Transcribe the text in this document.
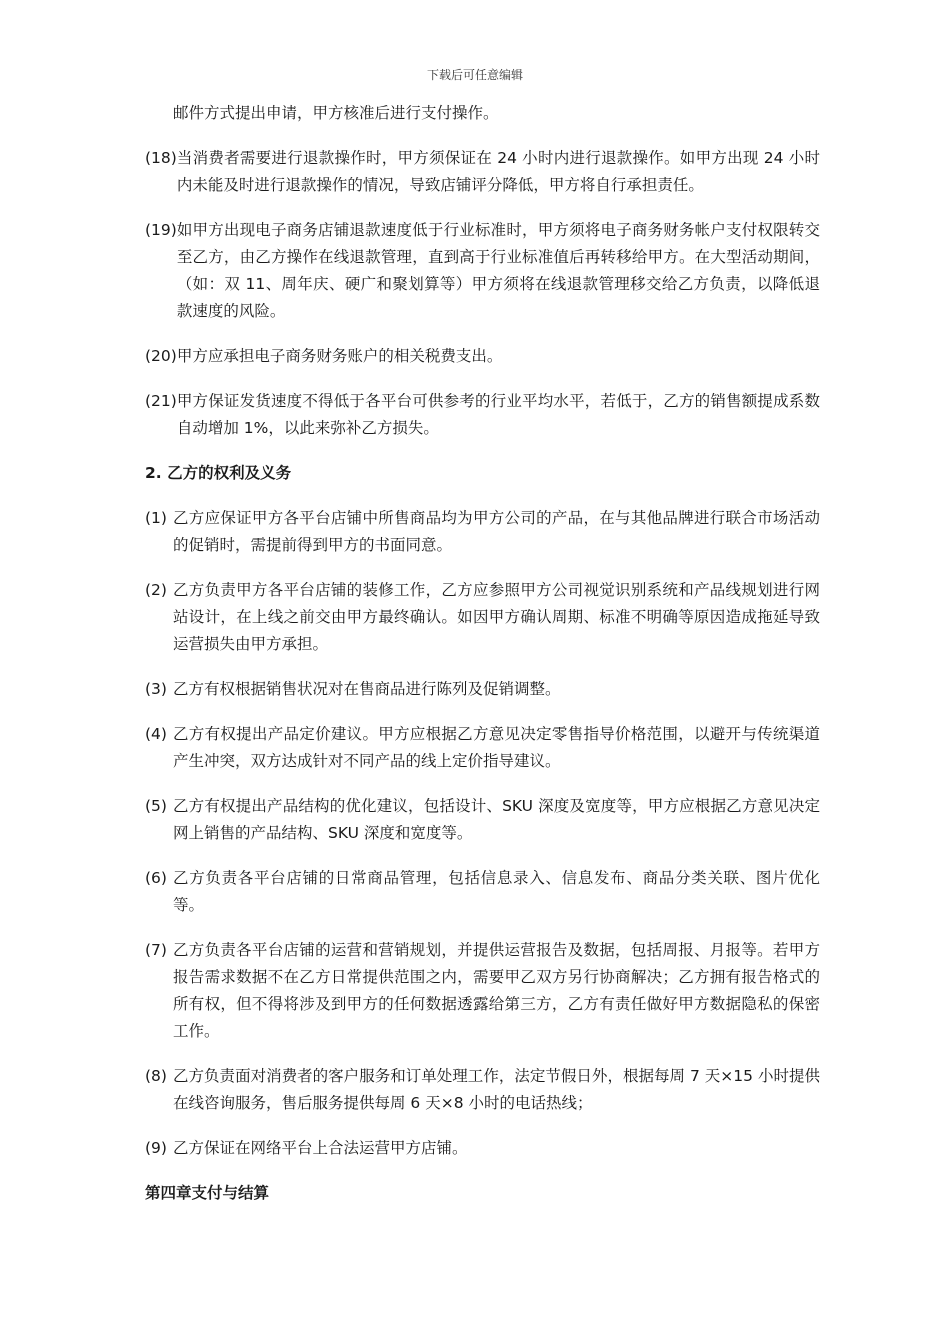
下载后可任意编辑
邮件方式提出申请，甲方核准后进行支付操作。
(18) 当消费者需要进行退款操作时，甲方须保证在 24 小时内进行退款操作。如甲方出现 24 小时内未能及时进行退款操作的情况，导致店铺评分降低，甲方将自行承担责任。
(19) 如甲方出现电子商务店铺退款速度低于行业标准时，甲方须将电子商务财务帐户支付权限转交至乙方，由乙方操作在线退款管理，直到高于行业标准值后再转移给甲方。在大型活动期间，（如：双 11、周年庆、硬广和聚划算等）甲方须将在线退款管理移交给乙方负责，以降低退款速度的风险。
(20) 甲方应承担电子商务财务账户的相关税费支出。
(21) 甲方保证发货速度不得低于各平台可供参考的行业平均水平，若低于，乙方的销售额提成系数自动增加 1%，以此来弥补乙方损失。
2. 乙方的权利及义务
(1) 乙方应保证甲方各平台店铺中所售商品均为甲方公司的产品，在与其他品牌进行联合市场活动的促销时，需提前得到甲方的书面同意。
(2) 乙方负责甲方各平台店铺的装修工作，乙方应参照甲方公司视觉识别系统和产品线规划进行网站设计，在上线之前交由甲方最终确认。如因甲方确认周期、标准不明确等原因造成拖延导致运营损失由甲方承担。
(3) 乙方有权根据销售状况对在售商品进行陈列及促销调整。
(4) 乙方有权提出产品定价建议。甲方应根据乙方意见决定零售指导价格范围，以避开与传统渠道产生冲突，双方达成针对不同产品的线上定价指导建议。
(5) 乙方有权提出产品结构的优化建议，包括设计、SKU 深度及宽度等，甲方应根据乙方意见决定网上销售的产品结构、SKU 深度和宽度等。
(6) 乙方负责各平台店铺的日常商品管理，包括信息录入、信息发布、商品分类关联、图片优化等。
(7) 乙方负责各平台店铺的运营和营销规划，并提供运营报告及数据，包括周报、月报等。若甲方报告需求数据不在乙方日常提供范围之内，需要甲乙双方另行协商解决；乙方拥有报告格式的所有权，但不得将涉及到甲方的任何数据透露给第三方，乙方有责任做好甲方数据隐私的保密工作。
(8) 乙方负责面对消费者的客户服务和订单处理工作，法定节假日外，根据每周 7 天×15 小时提供在线咨询服务，售后服务提供每周 6 天×8 小时的电话热线；
(9) 乙方保证在网络平台上合法运营甲方店铺。
第四章支付与结算
